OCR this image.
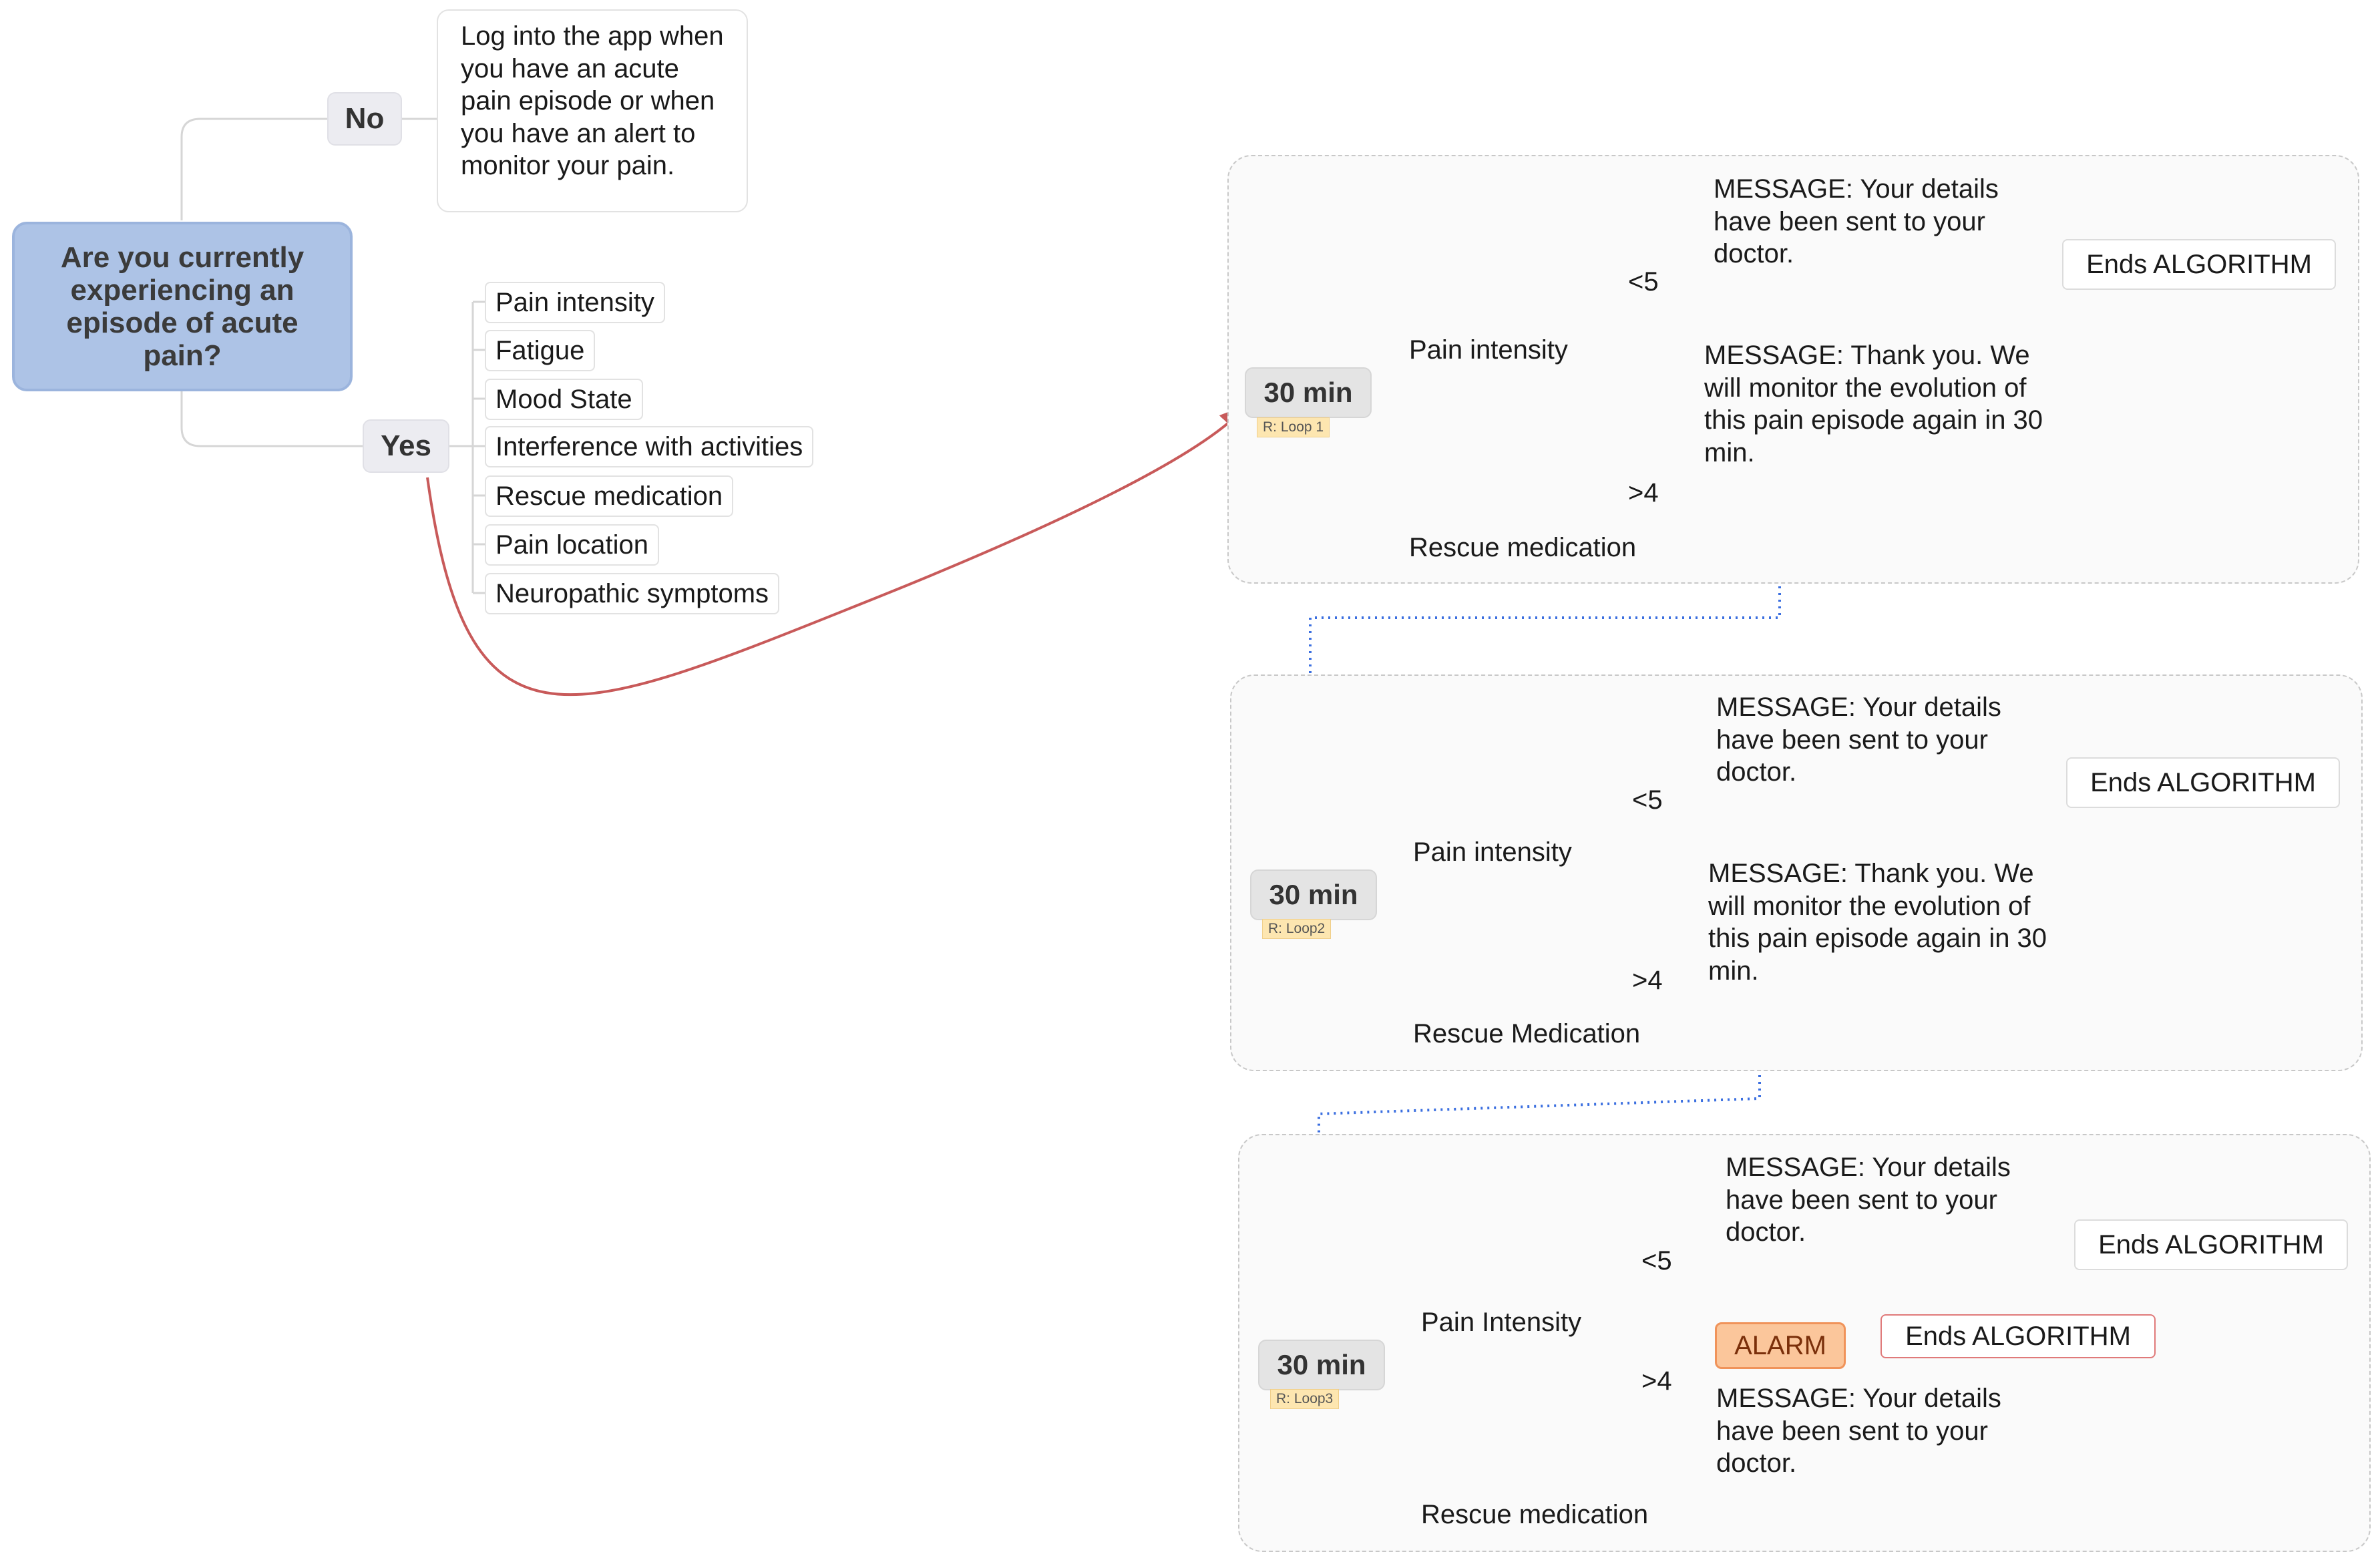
Are you currently experiencing an episode of acute pain?
No
Log into the app when you have an acute pain episode or when you have an alert to monitor your pain.
Yes
Pain intensity
Fatigue
Mood State
Interference with activities
Rescue medication
Pain location
Neuropathic symptoms
30 min
R: Loop 1
Pain intensity
Rescue medication
<5
>4
MESSAGE: Your details have been sent to your doctor.	Ends ALGORITHM
MESSAGE: Thank you. We will monitor the evolution of this pain episode again in 30 min.
30 min
R: Loop2
Pain intensity
Rescue Medication
<5
>4
MESSAGE: Your details have been sent to your doctor.	Ends ALGORITHM
MESSAGE: Thank you. We will monitor the evolution of this pain episode again in 30 min.
30 min
R: Loop3
Pain Intensity
Rescue medication
<5
>4
MESSAGE: Your details have been sent to your doctor.	Ends ALGORITHM
ALARM	Ends ALGORITHM
MESSAGE: Your details have been sent to your doctor.
